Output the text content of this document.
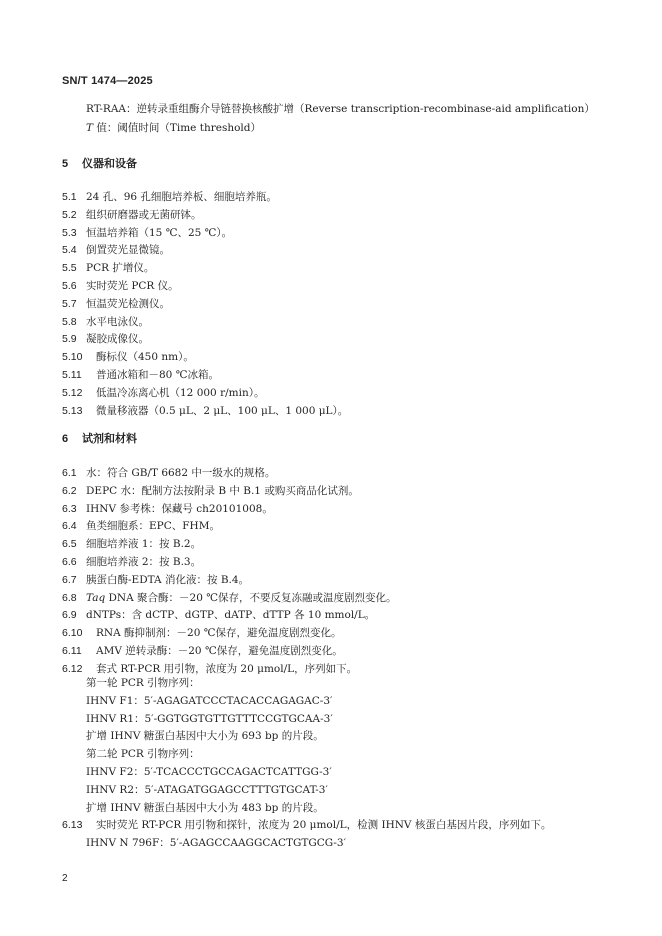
SN/T 1474—2025
RT-RAA：逆转录重组酶介导链替换核酸扩增（Reverse transcription-recombinase-aid amplification）
T 值：阈值时间（Time threshold）
5 仪器和设备
5.1 24 孔、96 孔细胞培养板、细胞培养瓶。
5.2 组织研磨器或无菌研钵。
5.3 恒温培养箱（15 ℃、25 ℃）。
5.4 倒置荧光显微镜。
5.5 PCR 扩增仪。
5.6 实时荧光 PCR 仪。
5.7 恒温荧光检测仪。
5.8 水平电泳仪。
5.9 凝胶成像仪。
5.10 酶标仪（450 nm）。
5.11 普通冰箱和－80 ℃冰箱。
5.12 低温冷冻离心机（12 000 r/min）。
5.13 微量移液器（0.5 μL、2 μL、100 μL、1 000 μL）。
6.1 水：符合 GB/T 6682 中一级水的规格。
6.2 DEPC 水：配制方法按附录 B 中 B.1 或购买商品化试剂。
6.3 IHNV 参考株：保藏号 ch20101008。
6.4 鱼类细胞系：EPC、FHM。
6.5 细胞培养液 1：按 B.2。
6.6 细胞培养液 2：按 B.3。
6.7 胰蛋白酶-EDTA 消化液：按 B.4。
6.8 Taq DNA 聚合酶：－20 ℃保存，不要反复冻融或温度剧烈变化。
6.9 dNTPs：含 dCTP、dGTP、dATP、dTTP 各 10 mmol/L。
6.10 RNA 酶抑制剂：－20 ℃保存，避免温度剧烈变化。
6.11 AMV 逆转录酶：－20 ℃保存，避免温度剧烈变化。
6.12 套式 RT-PCR 用引物，浓度为 20 μmol/L，序列如下。
6 试剂和材料
第一轮 PCR 引物序列：
IHNV F1：5′-AGAGATCCCTACACCAGAGAC-3′
IHNV R1：5′-GGTGGTGTTGTTTCCGTGCAA-3′
扩增 IHNV 糖蛋白基因中大小为 693 bp 的片段。
第二轮 PCR 引物序列：
IHNV F2：5′-TCACCCTGCCAGACTCATTGG-3′
IHNV R2：5′-ATAGATGGAGCCTTTGTGCAT-3′
扩增 IHNV 糖蛋白基因中大小为 483 bp 的片段。
6.13 实时荧光 RT-PCR 用引物和探针，浓度为 20 μmol/L，检测 IHNV 核蛋白基因片段，序列如下。
IHNV N 796F：5′-AGAGCCAAGGCACTGTGCG-3′
2
